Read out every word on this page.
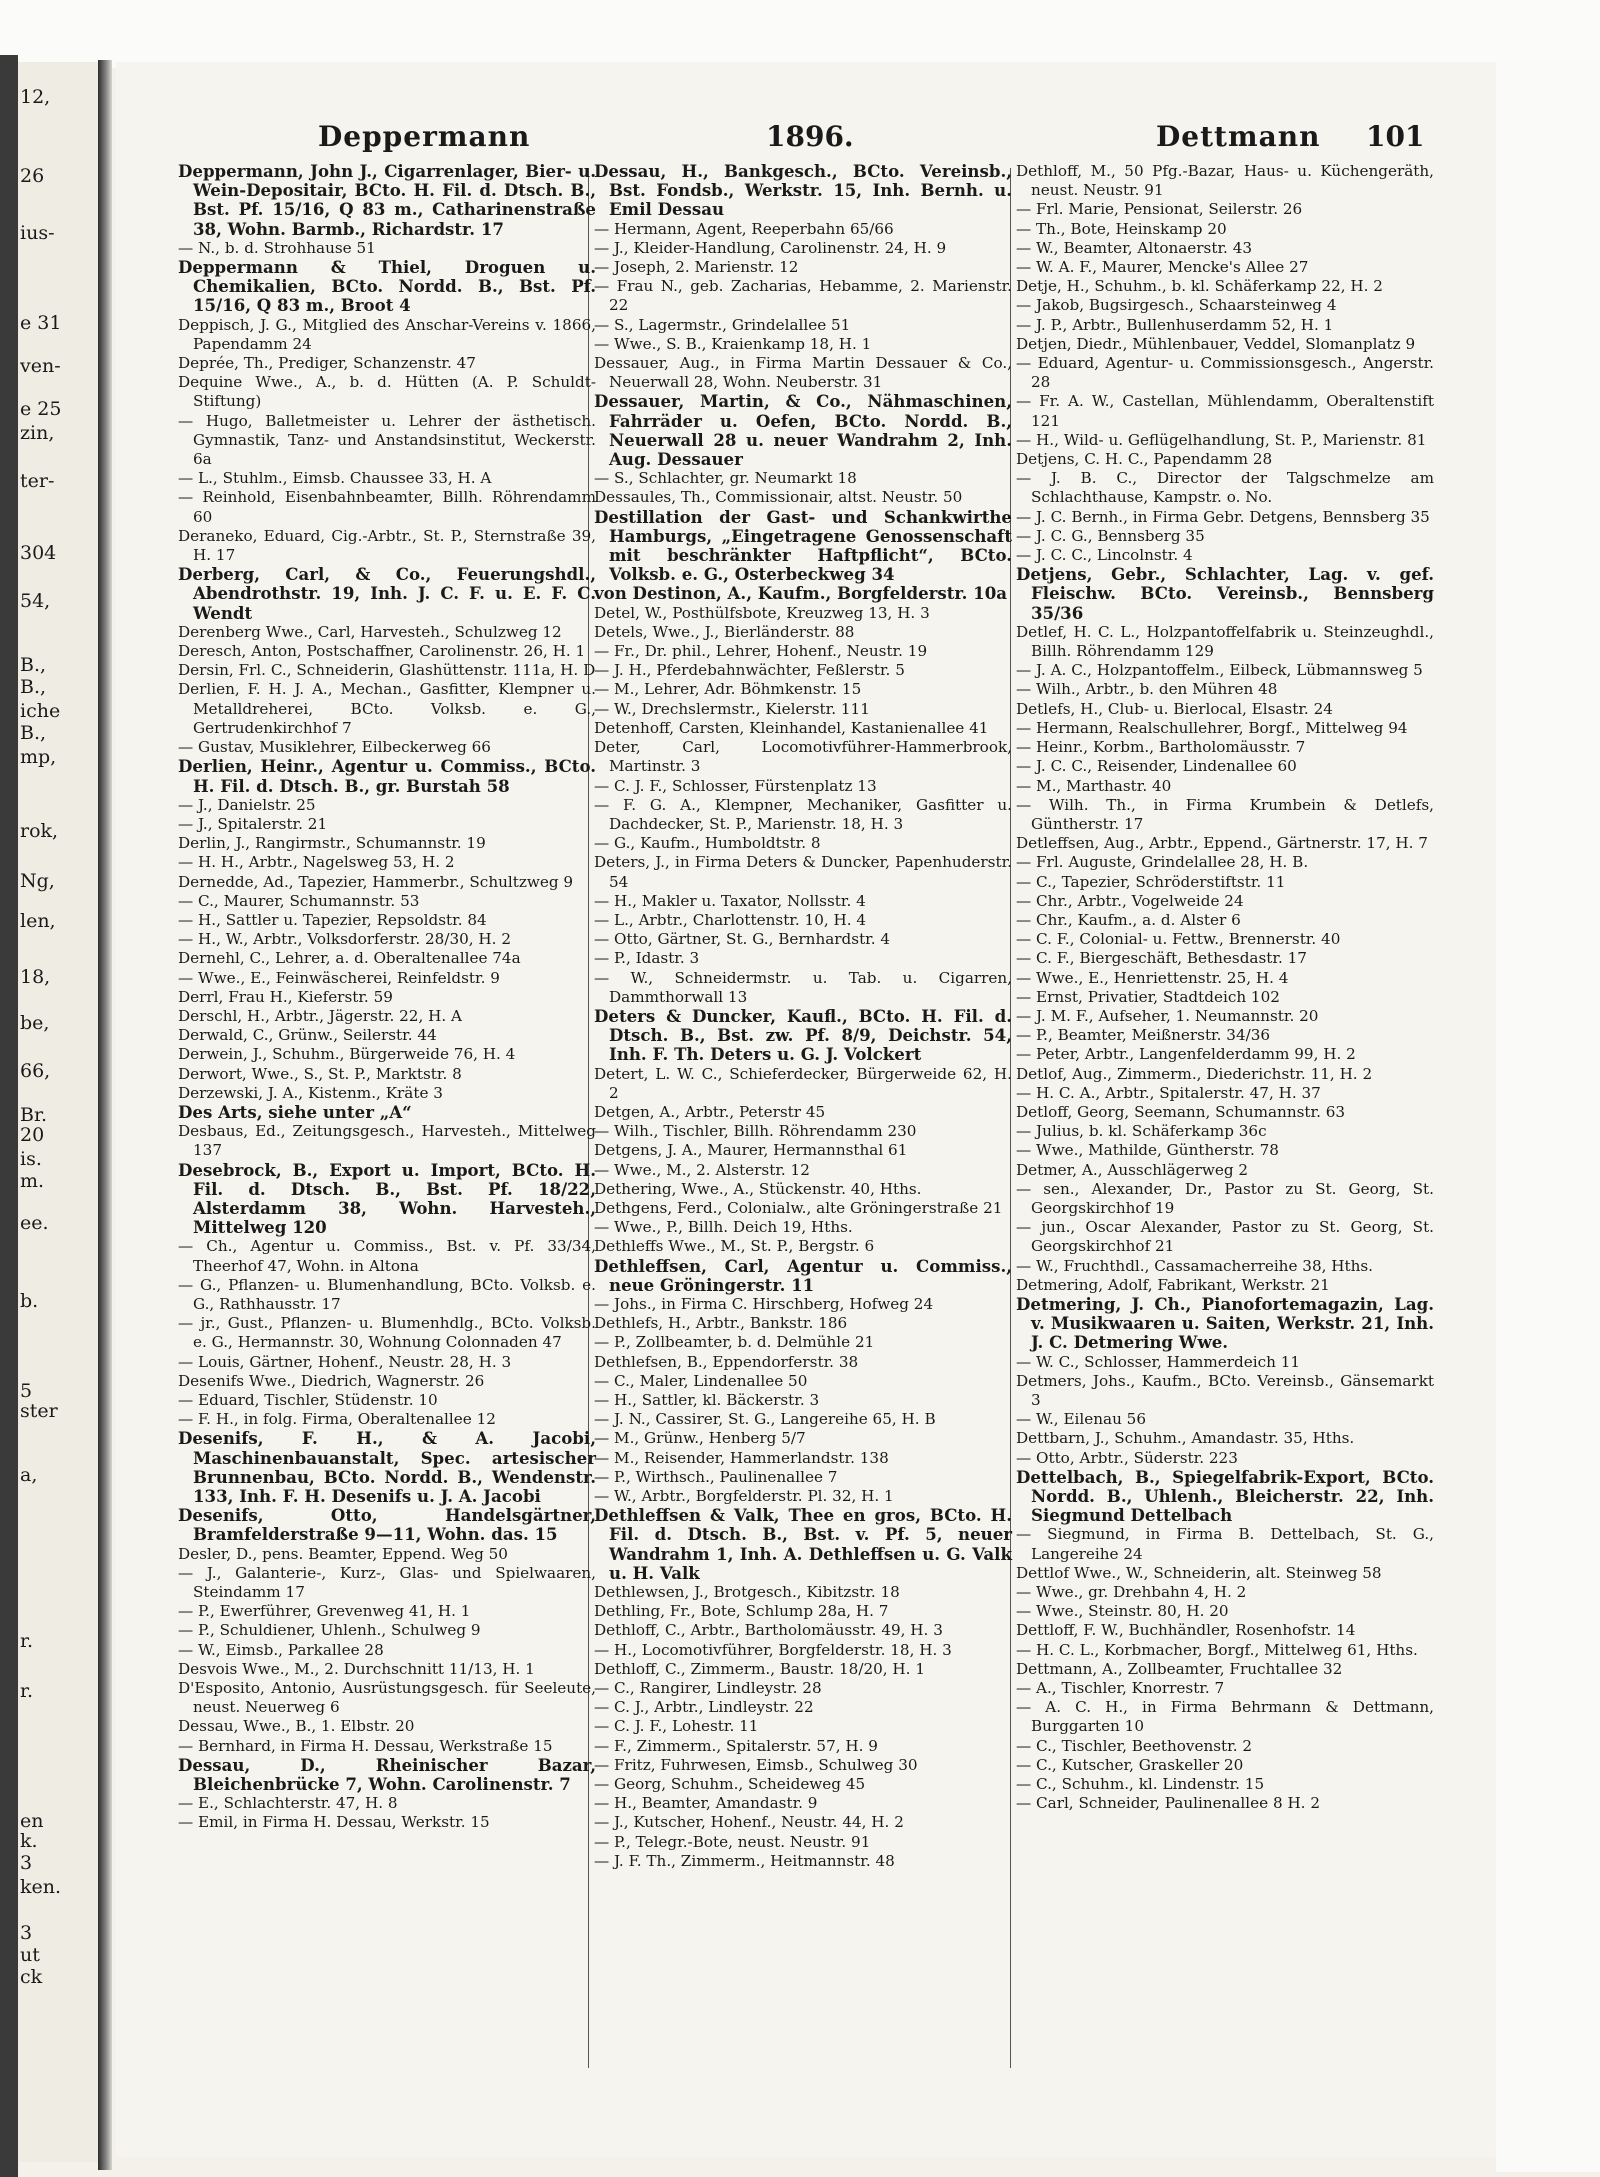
12,
26
ius-
e 31
ven-
e 25
zin,
ter-
304
54,
B.,
B.,
iche
B.,
mp,
rok,
Ng,
len,
18,
be,
66,
Br.
20
is.
m.
ee.
b.
5
ster
a,
r.
r.
en
k.
3
ken.
3
ut
ck
Deppermann	1896.	Dettmann 101

Deppermann, John J., Cigarrenlager, Bier- u. Wein-Depositair, BCto. H. Fil. d. Dtsch. B., Bst. Pf. 15/16, Q 83 m., Catharinenstraße 38, Wohn. Barmb., Richardstr. 17

— N., b. d. Strohhause 51

Deppermann & Thiel, Droguen u. Chemikalien, BCto. Nordd. B., Bst. Pf. 15/16, Q 83 m., Broot 4

Deppisch, J. G., Mitglied des Anschar-Vereins v. 1866, Papendamm 24

Deprée, Th., Prediger, Schanzenstr. 47

Dequine Wwe., A., b. d. Hütten (A. P. Schuldt-Stiftung)

— Hugo, Balletmeister u. Lehrer der ästhetisch. Gymnastik, Tanz- und Anstandsinstitut, Weckerstr. 6a

— L., Stuhlm., Eimsb. Chaussee 33, H. A

— Reinhold, Eisenbahnbeamter, Billh. Röhrendamm 60

Deraneko, Eduard, Cig.-Arbtr., St. P., Sternstraße 39, H. 17

Derberg, Carl, & Co., Feuerungshdl., Abendrothstr. 19, Inh. J. C. F. u. E. F. C. Wendt

Derenberg Wwe., Carl, Harvesteh., Schulzweg 12

Deresch, Anton, Postschaffner, Carolinenstr. 26, H. 1

Dersin, Frl. C., Schneiderin, Glashüttenstr. 111a, H. D

Derlien, F. H. J. A., Mechan., Gasfitter, Klempner u. Metalldreherei, BCto. Volksb. e. G., Gertrudenkirchhof 7

— Gustav, Musiklehrer, Eilbeckerweg 66

Derlien, Heinr., Agentur u. Commiss., BCto. H. Fil. d. Dtsch. B., gr. Burstah 58

— J., Danielstr. 25

— J., Spitalerstr. 21

Derlin, J., Rangirmstr., Schumannstr. 19

— H. H., Arbtr., Nagelsweg 53, H. 2

Dernedde, Ad., Tapezier, Hammerbr., Schultzweg 9

— C., Maurer, Schumannstr. 53

— H., Sattler u. Tapezier, Repsoldstr. 84

— H., W., Arbtr., Volksdorferstr. 28/30, H. 2

Dernehl, C., Lehrer, a. d. Oberaltenallee 74a

— Wwe., E., Feinwäscherei, Reinfeldstr. 9

Derrl, Frau H., Kieferstr. 59

Derschl, H., Arbtr., Jägerstr. 22, H. A

Derwald, C., Grünw., Seilerstr. 44

Derwein, J., Schuhm., Bürgerweide 76, H. 4

Derwort, Wwe., S., St. P., Marktstr. 8

Derzewski, J. A., Kistenm., Kräte 3

Des Arts, siehe unter „A“

Desbaus, Ed., Zeitungsgesch., Harvesteh., Mittelweg 137

Desebrock, B., Export u. Import, BCto. H. Fil. d. Dtsch. B., Bst. Pf. 18/22, Alsterdamm 38, Wohn. Harvesteh., Mittelweg 120

— Ch., Agentur u. Commiss., Bst. v. Pf. 33/34, Theerhof 47, Wohn. in Altona

— G., Pflanzen- u. Blumenhandlung, BCto. Volksb. e. G., Rathhausstr. 17

— jr., Gust., Pflanzen- u. Blumenhdlg., BCto. Volksb. e. G., Hermannstr. 30, Wohnung Colonnaden 47

— Louis, Gärtner, Hohenf., Neustr. 28, H. 3

Desenifs Wwe., Diedrich, Wagnerstr. 26

— Eduard, Tischler, Stüdenstr. 10

— F. H., in folg. Firma, Oberaltenallee 12

Desenifs, F. H., & A. Jacobi, Maschinenbauanstalt, Spec. artesischer Brunnenbau, BCto. Nordd. B., Wendenstr. 133, Inh. F. H. Desenifs u. J. A. Jacobi

Desenifs, Otto, Handelsgärtner, Bramfelderstraße 9—11, Wohn. das. 15

Desler, D., pens. Beamter, Eppend. Weg 50

— J., Galanterie-, Kurz-, Glas- und Spielwaaren, Steindamm 17

— P., Ewerführer, Grevenweg 41, H. 1

— P., Schuldiener, Uhlenh., Schulweg 9

— W., Eimsb., Parkallee 28

Desvois Wwe., M., 2. Durchschnitt 11/13, H. 1

D'Esposito, Antonio, Ausrüstungsgesch. für Seeleute, neust. Neuerweg 6

Dessau, Wwe., B., 1. Elbstr. 20

— Bernhard, in Firma H. Dessau, Werkstraße 15

Dessau, D., Rheinischer Bazar, Bleichenbrücke 7, Wohn. Carolinenstr. 7

— E., Schlachterstr. 47, H. 8

— Emil, in Firma H. Dessau, Werkstr. 15

Dessau, H., Bankgesch., BCto. Vereinsb., Bst. Fondsb., Werkstr. 15, Inh. Bernh. u. Emil Dessau

— Hermann, Agent, Reeperbahn 65/66

— J., Kleider-Handlung, Carolinenstr. 24, H. 9

— Joseph, 2. Marienstr. 12

— Frau N., geb. Zacharias, Hebamme, 2. Marienstr. 22

— S., Lagermstr., Grindelallee 51

— Wwe., S. B., Kraienkamp 18, H. 1

Dessauer, Aug., in Firma Martin Dessauer & Co., Neuerwall 28, Wohn. Neuberstr. 31

Dessauer, Martin, & Co., Nähmaschinen, Fahrräder u. Oefen, BCto. Nordd. B., Neuerwall 28 u. neuer Wandrahm 2, Inh. Aug. Dessauer

— S., Schlachter, gr. Neumarkt 18

Dessaules, Th., Commissionair, altst. Neustr. 50

Destillation der Gast- und Schankwirthe Hamburgs, „Eingetragene Genossenschaft mit beschränkter Haftpflicht“, BCto. Volksb. e. G., Osterbeckweg 34

von Destinon, A., Kaufm., Borgfelderstr. 10a

Detel, W., Posthülfsbote, Kreuzweg 13, H. 3

Detels, Wwe., J., Bierländerstr. 88

— Fr., Dr. phil., Lehrer, Hohenf., Neustr. 19

— J. H., Pferdebahnwächter, Feßlerstr. 5

— M., Lehrer, Adr. Böhmkenstr. 15

— W., Drechslermstr., Kielerstr. 111

Detenhoff, Carsten, Kleinhandel, Kastanienallee 41

Deter, Carl, Locomotivführer-Hammerbrook, Martinstr. 3

— C. J. F., Schlosser, Fürstenplatz 13

— F. G. A., Klempner, Mechaniker, Gasfitter u. Dachdecker, St. P., Marienstr. 18, H. 3

— G., Kaufm., Humboldtstr. 8

Deters, J., in Firma Deters & Duncker, Papenhuderstr. 54

— H., Makler u. Taxator, Nollsstr. 4

— L., Arbtr., Charlottenstr. 10, H. 4

— Otto, Gärtner, St. G., Bernhardstr. 4

— P., Idastr. 3

— W., Schneidermstr. u. Tab. u. Cigarren, Dammthorwall 13

Deters & Duncker, Kaufl., BCto. H. Fil. d. Dtsch. B., Bst. zw. Pf. 8/9, Deichstr. 54, Inh. F. Th. Deters u. G. J. Volckert

Detert, L. W. C., Schieferdecker, Bürgerweide 62, H. 2

Detgen, A., Arbtr., Peterstr 45

— Wilh., Tischler, Billh. Röhrendamm 230

Detgens, J. A., Maurer, Hermannsthal 61

— Wwe., M., 2. Alsterstr. 12

Dethering, Wwe., A., Stückenstr. 40, Hths.

Dethgens, Ferd., Colonialw., alte Gröningerstraße 21

— Wwe., P., Billh. Deich 19, Hths.

Dethleffs Wwe., M., St. P., Bergstr. 6

Dethleffsen, Carl, Agentur u. Commiss., neue Gröningerstr. 11

— Johs., in Firma C. Hirschberg, Hofweg 24

Dethlefs, H., Arbtr., Bankstr. 186

— P., Zollbeamter, b. d. Delmühle 21

Dethlefsen, B., Eppendorferstr. 38

— C., Maler, Lindenallee 50

— H., Sattler, kl. Bäckerstr. 3

— J. N., Cassirer, St. G., Langereihe 65, H. B

— M., Grünw., Henberg 5/7

— M., Reisender, Hammerlandstr. 138

— P., Wirthsch., Paulinenallee 7

— W., Arbtr., Borgfelderstr. Pl. 32, H. 1

Dethleffsen & Valk, Thee en gros, BCto. H. Fil. d. Dtsch. B., Bst. v. Pf. 5, neuer Wandrahm 1, Inh. A. Dethleffsen u. G. Valk u. H. Valk

Dethlewsen, J., Brotgesch., Kibitzstr. 18

Dethling, Fr., Bote, Schlump 28a, H. 7

Dethloff, C., Arbtr., Bartholomäusstr. 49, H. 3

— H., Locomotivführer, Borgfelderstr. 18, H. 3

Dethloff, C., Zimmerm., Baustr. 18/20, H. 1

— C., Rangirer, Lindleystr. 28

— C. J., Arbtr., Lindleystr. 22

— C. J. F., Lohestr. 11

— F., Zimmerm., Spitalerstr. 57, H. 9

— Fritz, Fuhrwesen, Eimsb., Schulweg 30

— Georg, Schuhm., Scheideweg 45

— H., Beamter, Amandastr. 9

— J., Kutscher, Hohenf., Neustr. 44, H. 2

— P., Telegr.-Bote, neust. Neustr. 91

— J. F. Th., Zimmerm., Heitmannstr. 48

Dethloff, M., 50 Pfg.-Bazar, Haus- u. Küchengeräth, neust. Neustr. 91

— Frl. Marie, Pensionat, Seilerstr. 26

— Th., Bote, Heinskamp 20

— W., Beamter, Altonaerstr. 43

— W. A. F., Maurer, Mencke's Allee 27

Detje, H., Schuhm., b. kl. Schäferkamp 22, H. 2

— Jakob, Bugsirgesch., Schaarsteinweg 4

— J. P., Arbtr., Bullenhuserdamm 52, H. 1

Detjen, Diedr., Mühlenbauer, Veddel, Slomanplatz 9

— Eduard, Agentur- u. Commissionsgesch., Angerstr. 28

— Fr. A. W., Castellan, Mühlendamm, Oberaltenstift 121

— H., Wild- u. Geflügelhandlung, St. P., Marienstr. 81

Detjens, C. H. C., Papendamm 28

— J. B. C., Director der Talgschmelze am Schlachthause, Kampstr. o. No.

— J. C. Bernh., in Firma Gebr. Detgens, Bennsberg 35

— J. C. G., Bennsberg 35

— J. C. C., Lincolnstr. 4

Detjens, Gebr., Schlachter, Lag. v. gef. Fleischw. BCto. Vereinsb., Bennsberg 35/36

Detlef, H. C. L., Holzpantoffelfabrik u. Steinzeughdl., Billh. Röhrendamm 129

— J. A. C., Holzpantoffelm., Eilbeck, Lübmannsweg 5

— Wilh., Arbtr., b. den Mühren 48

Detlefs, H., Club- u. Bierlocal, Elsastr. 24

— Hermann, Realschullehrer, Borgf., Mittelweg 94

— Heinr., Korbm., Bartholomäusstr. 7

— J. C. C., Reisender, Lindenallee 60

— M., Marthastr. 40

— Wilh. Th., in Firma Krumbein & Detlefs, Güntherstr. 17

Detleffsen, Aug., Arbtr., Eppend., Gärtnerstr. 17, H. 7

— Frl. Auguste, Grindelallee 28, H. B.

— C., Tapezier, Schröderstiftstr. 11

— Chr., Arbtr., Vogelweide 24

— Chr., Kaufm., a. d. Alster 6

— C. F., Colonial- u. Fettw., Brennerstr. 40

— C. F., Biergeschäft, Bethesdastr. 17

— Wwe., E., Henriettenstr. 25, H. 4

— Ernst, Privatier, Stadtdeich 102

— J. M. F., Aufseher, 1. Neumannstr. 20

— P., Beamter, Meißnerstr. 34/36

— Peter, Arbtr., Langenfelderdamm 99, H. 2

Detlof, Aug., Zimmerm., Diederichstr. 11, H. 2

— H. C. A., Arbtr., Spitalerstr. 47, H. 37

Detloff, Georg, Seemann, Schumannstr. 63

— Julius, b. kl. Schäferkamp 36c

— Wwe., Mathilde, Güntherstr. 78

Detmer, A., Ausschlägerweg 2

— sen., Alexander, Dr., Pastor zu St. Georg, St. Georgskirchhof 19

— jun., Oscar Alexander, Pastor zu St. Georg, St. Georgskirchhof 21

— W., Fruchthdl., Cassamacherreihe 38, Hths.

Detmering, Adolf, Fabrikant, Werkstr. 21

Detmering, J. Ch., Pianofortemagazin, Lag. v. Musikwaaren u. Saiten, Werkstr. 21, Inh. J. C. Detmering Wwe.

— W. C., Schlosser, Hammerdeich 11

Detmers, Johs., Kaufm., BCto. Vereinsb., Gänsemarkt 3

— W., Eilenau 56

Dettbarn, J., Schuhm., Amandastr. 35, Hths.

— Otto, Arbtr., Süderstr. 223

Dettelbach, B., Spiegelfabrik-Export, BCto. Nordd. B., Uhlenh., Bleicherstr. 22, Inh. Siegmund Dettelbach

— Siegmund, in Firma B. Dettelbach, St. G., Langereihe 24

Dettlof Wwe., W., Schneiderin, alt. Steinweg 58

— Wwe., gr. Drehbahn 4, H. 2

— Wwe., Steinstr. 80, H. 20

Dettloff, F. W., Buchhändler, Rosenhofstr. 14

— H. C. L., Korbmacher, Borgf., Mittelweg 61, Hths.

Dettmann, A., Zollbeamter, Fruchtallee 32

— A., Tischler, Knorrestr. 7

— A. C. H., in Firma Behrmann & Dettmann, Burggarten 10

— C., Tischler, Beethovenstr. 2

— C., Kutscher, Graskeller 20

— C., Schuhm., kl. Lindenstr. 15

— Carl, Schneider, Paulinenallee 8 H. 2
